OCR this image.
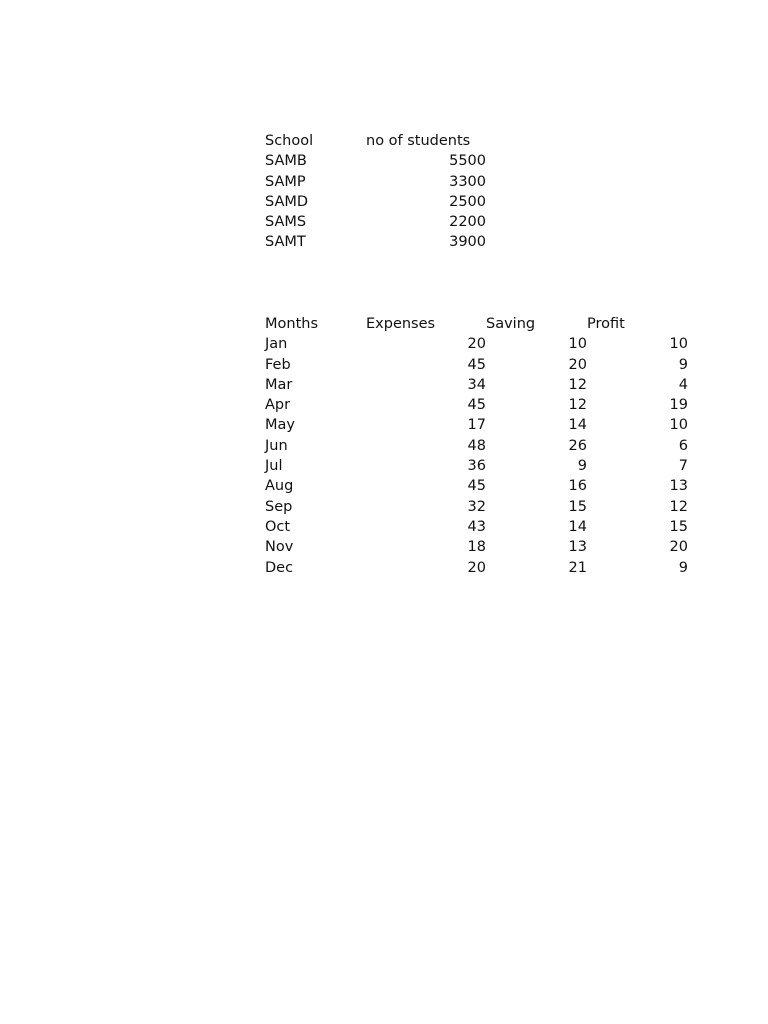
School	no of students
SAMB	5500
SAMP	3300
SAMD	2500
SAMS	2200
SAMT	3900
Months	Expenses	Saving	Profit
Jan	20	10	10
Feb	45	20	9
Mar	34	12	4
Apr	45	12	19
May	17	14	10
Jun	48	26	6
Jul	36	9	7
Aug	45	16	13
Sep	32	15	12
Oct	43	14	15
Nov	18	13	20
Dec	20	21	9
